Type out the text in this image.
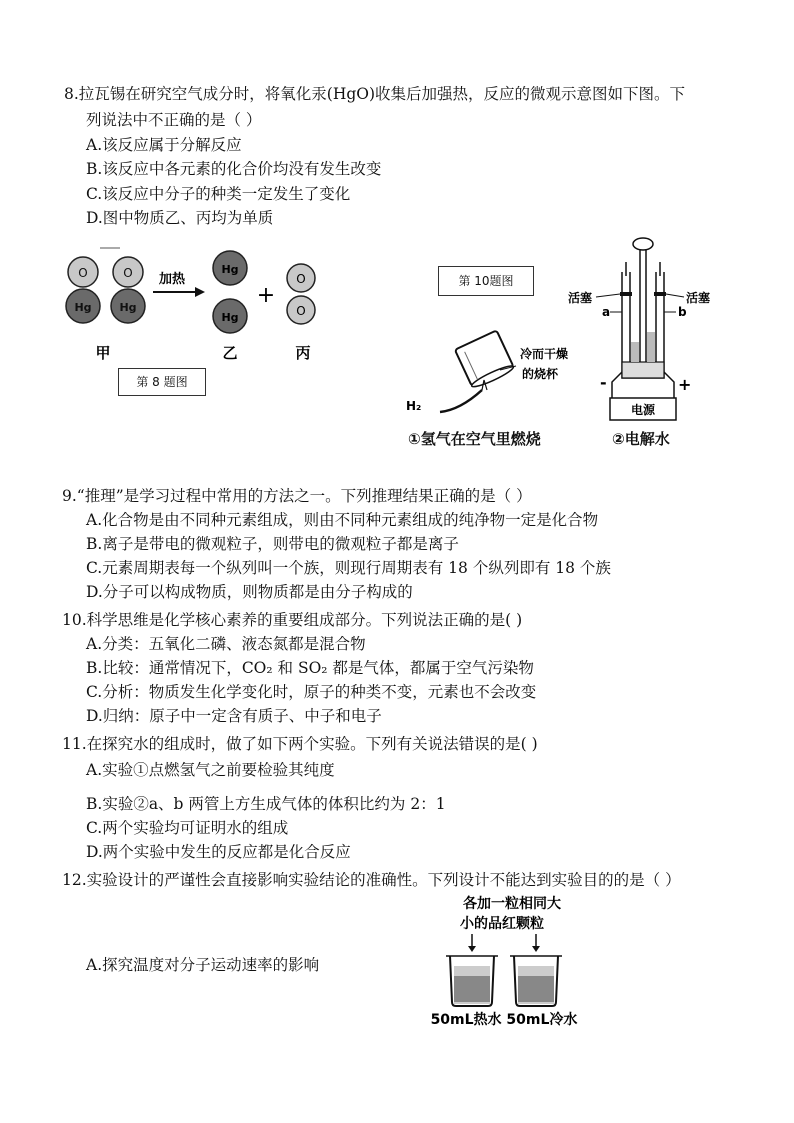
8.拉瓦锡在研究空气成分时，将氧化汞(HgO)收集后加强热，反应的微观示意图如下图。下
列说法中不正确的是（ ）
A.该反应属于分解反应
B.该反应中各元素的化合价均没有发生改变
C.该反应中分子的种类一定发生了变化
D.图中物质乙、丙均为单质
O
Hg
O
Hg
加热
Hg
Hg
+
O
O
甲	乙	丙
第 8 题图
第 10题图
冷而干燥
的烧杯
H₂
①氢气在空气里燃烧
电源
活塞	活塞
a	b
-	+
②电解水
9.“推理”是学习过程中常用的方法之一。下列推理结果正确的是（ ）
A.化合物是由不同种元素组成，则由不同种元素组成的纯净物一定是化合物
B.离子是带电的微观粒子，则带电的微观粒子都是离子
C.元素周期表每一个纵列叫一个族，则现行周期表有 18 个纵列即有 18 个族
D.分子可以构成物质，则物质都是由分子构成的
10.科学思维是化学核心素养的重要组成部分。下列说法正确的是( )
A.分类：五氧化二磷、液态氮都是混合物
B.比较：通常情况下，CO₂ 和 SO₂ 都是气体，都属于空气污染物
C.分析：物质发生化学变化时，原子的种类不变，元素也不会改变
D.归纳：原子中一定含有质子、中子和电子
11.在探究水的组成时，做了如下两个实验。下列有关说法错误的是( )
A.实验①点燃氢气之前要检验其纯度
B.实验②a、b 两管上方生成气体的体积比约为 2：1
C.两个实验均可证明水的组成
D.两个实验中发生的反应都是化合反应
12.实验设计的严谨性会直接影响实验结论的准确性。下列设计不能达到实验目的的是（ ）
A.探究温度对分子运动速率的影响
各加一粒相同大
小的品红颗粒
50mL热水 50mL冷水
